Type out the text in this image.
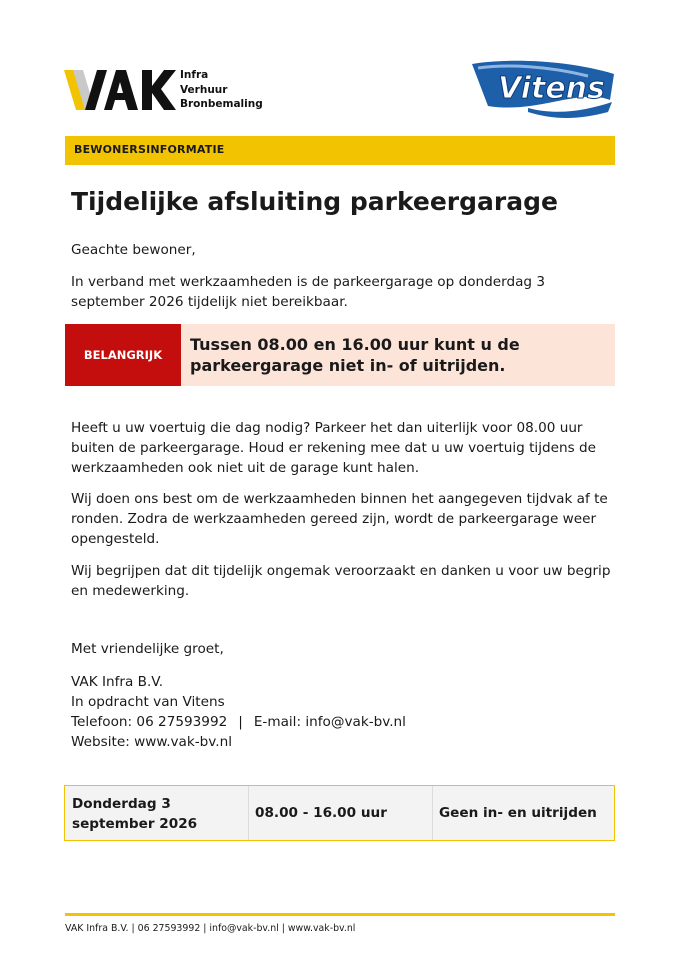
Infra
Verhuur
Bronbemaling	Vitens
BEWONERSINFORMATIE
Tijdelijke afsluiting parkeergarage

Geachte bewoner,

In verband met werkzaamheden is de parkeergarage op donderdag 3 september 2026 tijdelijk niet bereikbaar.

BELANGRIJK
Tussen 08.00 en 16.00 uur kunt u de parkeergarage niet in- of uitrijden.

Heeft u uw voertuig die dag nodig? Parkeer het dan uiterlijk voor 08.00 uur buiten de parkeergarage. Houd er rekening mee dat u uw voertuig tijdens de werkzaamheden ook niet uit de garage kunt halen.

Wij doen ons best om de werkzaamheden binnen het aangegeven tijdvak af te ronden. Zodra de werkzaamheden gereed zijn, wordt de parkeergarage weer opengesteld.

Wij begrijpen dat dit tijdelijk ongemak veroorzaakt en danken u voor uw begrip en medewerking.

Met vriendelijke groet,

VAK Infra B.V.
In opdracht van Vitens
Telefoon: 06 27593992 | E-mail: info@vak-bv.nl
Website: www.vak-bv.nl
Donderdag 3 september 2026
08.00 - 16.00 uur	Geen in- en uitrijden
VAK Infra B.V. | 06 27593992 | info@vak-bv.nl | www.vak-bv.nl
